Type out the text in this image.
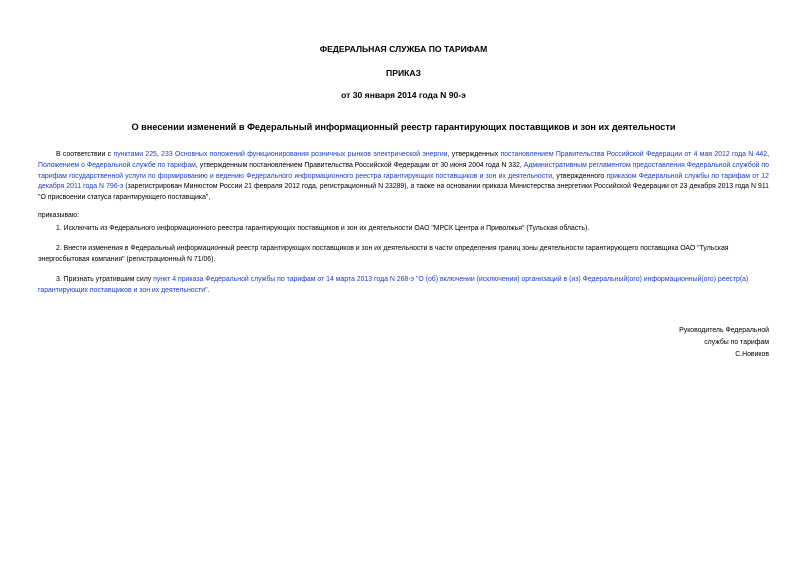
ФЕДЕРАЛЬНАЯ СЛУЖБА ПО ТАРИФАМ
ПРИКАЗ
от 30 января 2014 года N 90-э
О внесении изменений в Федеральный информационный реестр гарантирующих поставщиков и зон их деятельности
В соответствии с пунктами 225, 233 Основных положений функционирования розничных рынков электрической энергии, утвержденных постановлением Правительства Российской Федерации от 4 мая 2012 года N 442, Положением о Федеральной службе по тарифам, утвержденным постановлением Правительства Российской Федерации от 30 июня 2004 года N 332, Административным регламентом предоставления Федеральной службой по тарифам государственной услуги по формированию и ведению Федерального информационного реестра гарантирующих поставщиков и зон их деятельности, утвержденного приказом Федеральной службы по тарифам от 12 декабря 2011 года N 796-э (зарегистрирован Минюстом России 21 февраля 2012 года, регистрационный N 23289), а также на основании приказа Министерства энергетики Российской Федерации от 23 декабря 2013 года N 911 "О присвоении статуса гарантирующего поставщика",
приказываю:
1. Исключить из Федерального информационного реестра гарантирующих поставщиков и зон их деятельности ОАО "МРСК Центра и Приволжья" (Тульская область).
2. Внести изменения в Федеральный информационный реестр гарантирующих поставщиков и зон их деятельности в части определения границ зоны деятельности гарантирующего поставщика ОАО "Тульская энергосбытовая компания" (регистрационный N 71/06).
3. Признать утратившим силу пункт 4 приказа Федеральной службы по тарифам от 14 марта 2013 года N 268-э "О (об) включении (исключении) организаций в (из) Федеральный(ого) информационный(ого) реестр(а) гарантирующих поставщиков и зон их деятельности".
Руководитель Федеральной
службы по тарифам
С.Новиков
